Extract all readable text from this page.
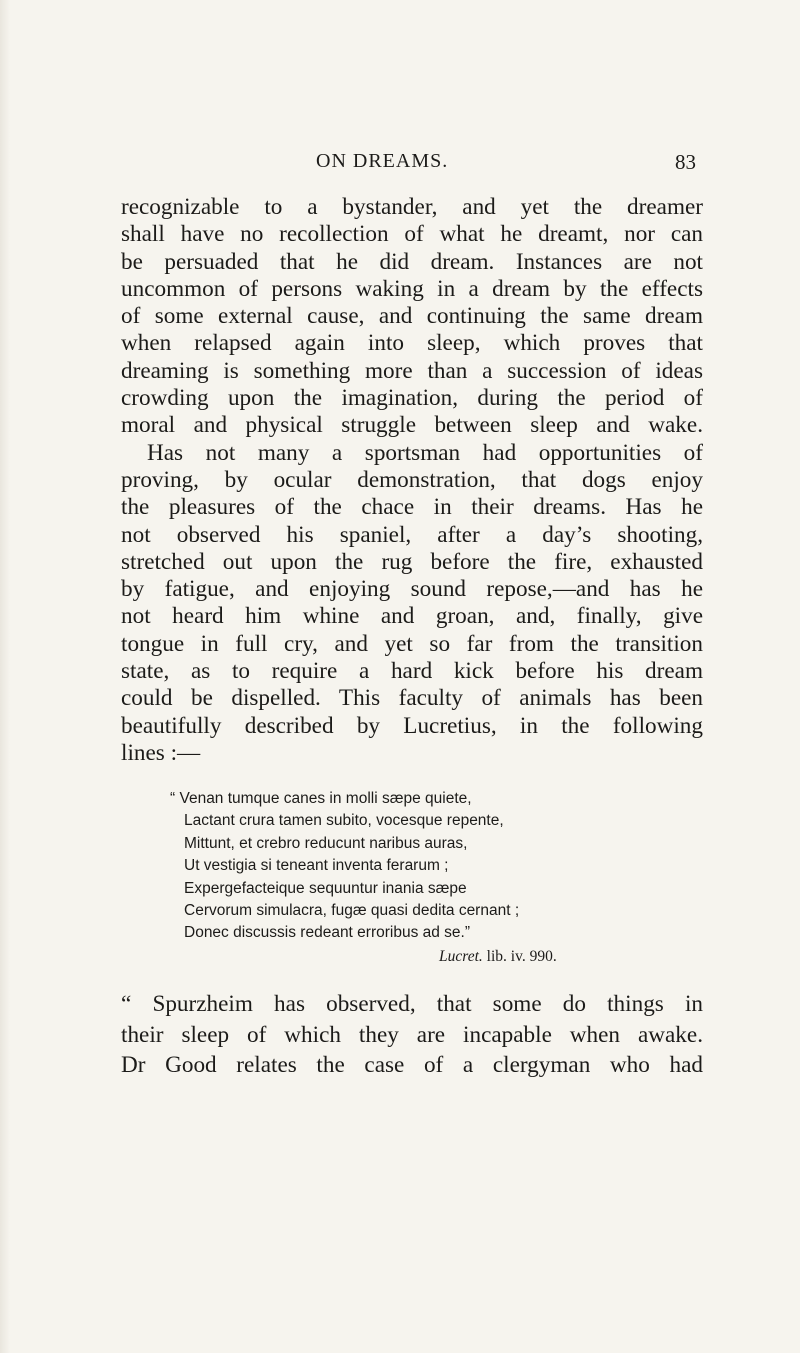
ON DREAMS.	83
recognizable to a bystander, and yet the dreamer
shall have no recollection of what he dreamt, nor can
be persuaded that he did dream. Instances are not
uncommon of persons waking in a dream by the effects
of some external cause, and continuing the same dream
when relapsed again into sleep, which proves that
dreaming is something more than a succession of ideas
crowding upon the imagination, during the period of
moral and physical struggle between sleep and wake.
Has not many a sportsman had opportunities of
proving, by ocular demonstration, that dogs enjoy
the pleasures of the chace in their dreams. Has he
not observed his spaniel, after a day’s shooting,
stretched out upon the rug before the fire, exhausted
by fatigue, and enjoying sound repose,—and has he
not heard him whine and groan, and, finally, give
tongue in full cry, and yet so far from the transition
state, as to require a hard kick before his dream
could be dispelled. This faculty of animals has been
beautifully described by Lucretius, in the following
lines :—
“ Venan tumque canes in molli sæpe quiete,
Lactant crura tamen subito, vocesque repente,
Mittunt, et crebro reducunt naribus auras,
Ut vestigia si teneant inventa ferarum ;
Expergefacteique sequuntur inania sæpe
Cervorum simulacra, fugæ quasi dedita cernant ;
Donec discussis redeant erroribus ad se.”
Lucret. lib. iv. 990.
“ Spurzheim has observed, that some do things in
their sleep of which they are incapable when awake.
Dr Good relates the case of a clergyman who had
